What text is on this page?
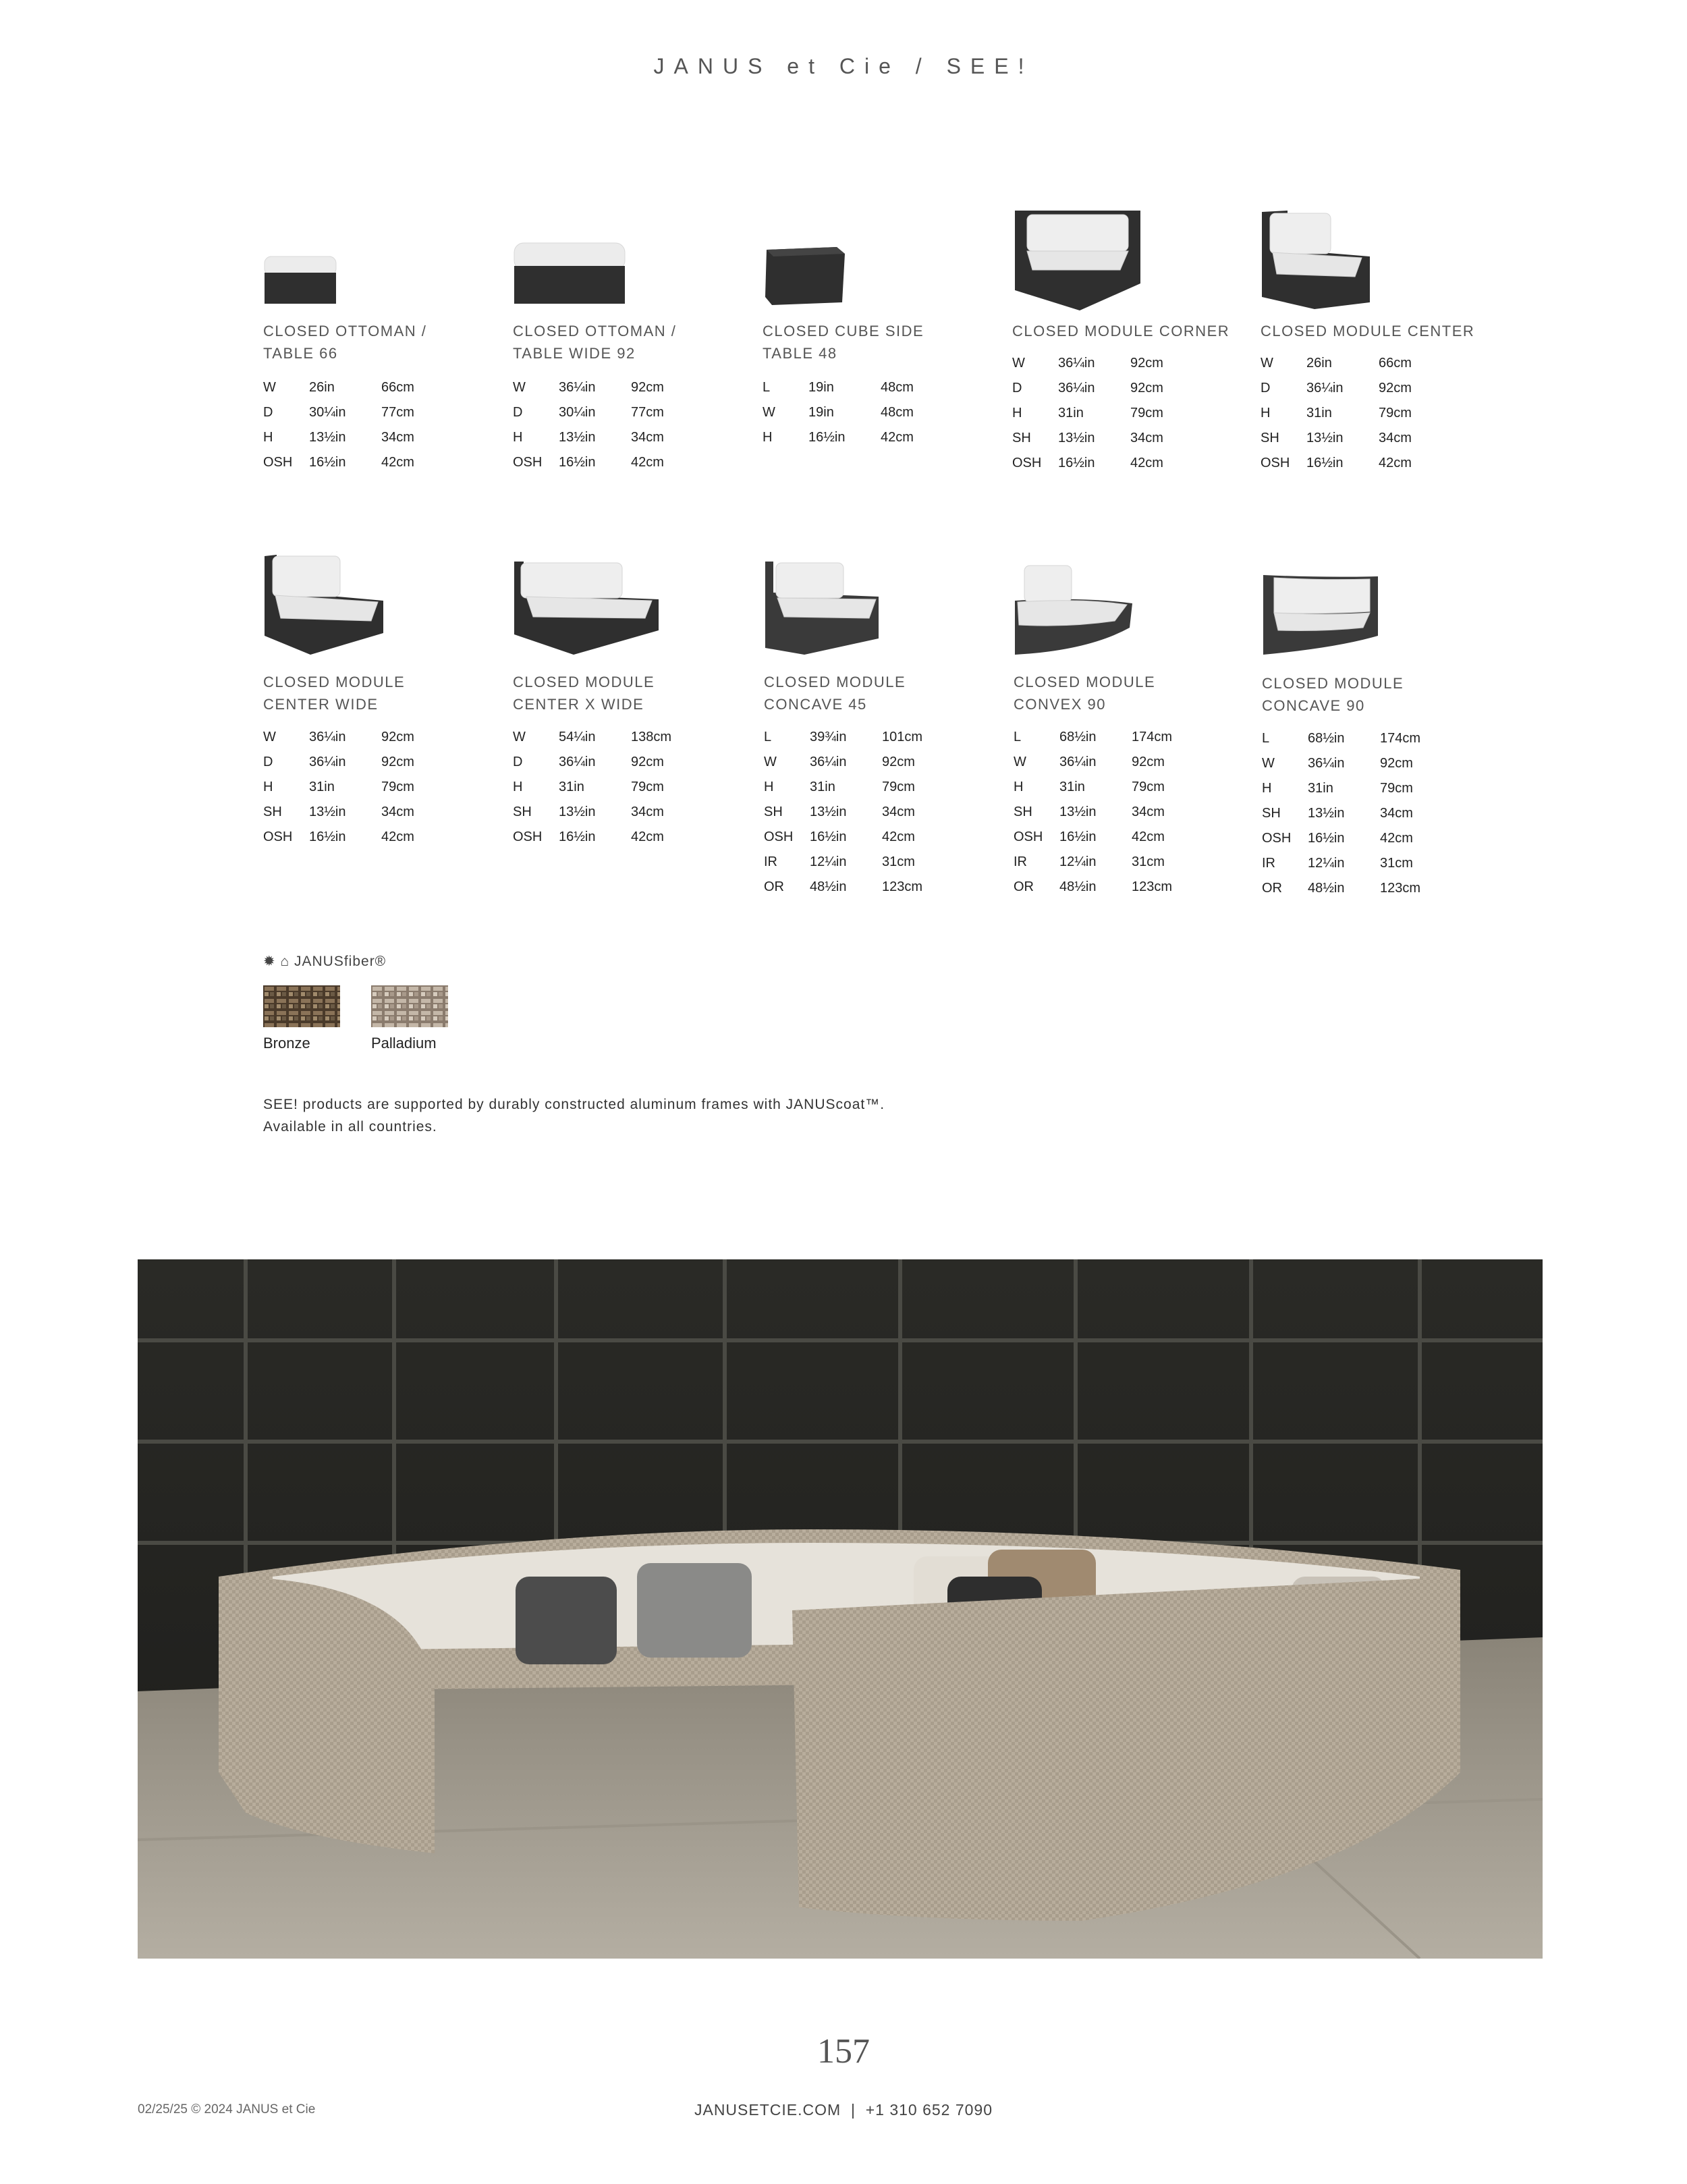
JANUS et Cie / SEE!
CLOSED OTTOMAN /
TABLE 66
W 26in	66cm
D	30¼in	77cm
H	13½in	34cm
OSH 16½in	42cm
CLOSED OTTOMAN /
TABLE WIDE 92
W 36¼in	92cm
D	30¼in	77cm
H	13½in	34cm
OSH 16½in	42cm
CLOSED CUBE SIDE
TABLE 48
L	19in	48cm
W 19in	48cm
H	16½in	42cm
CLOSED MODULE CORNER
W 36¼in	92cm
D	36¼in	92cm
H	31in	79cm
SH 13½in	34cm
OSH 16½in	42cm
CLOSED MODULE CENTER
W 26in	66cm
D	36¼in	92cm
H	31in	79cm
SH 13½in	34cm
OSH 16½in	42cm
CLOSED MODULE
CENTER WIDE
W 36¼in	92cm
D	36¼in	92cm
H	31in	79cm
SH 13½in	34cm
OSH 16½in	42cm
CLOSED MODULE
CENTER X WIDE
W 54¼in	138cm
D	36¼in	92cm
H	31in	79cm
SH 13½in	34cm
OSH 16½in	42cm
CLOSED MODULE
CONCAVE 45
L	39¾in	101cm
W 36¼in	92cm
H	31in	79cm
SH 13½in	34cm
OSH 16½in	42cm
IR 12¼in	31cm
OR 48½in	123cm
CLOSED MODULE
CONVEX 90
L	68½in	174cm
W 36¼in	92cm
H	31in	79cm
SH 13½in	34cm
OSH 16½in	42cm
IR 12¼in	31cm
OR 48½in	123cm
CLOSED MODULE
CONCAVE 90
L	68½in	174cm
W 36¼in	92cm
H	31in	79cm
SH 13½in	34cm
OSH 16½in	42cm
IR 12¼in	31cm
OR 48½in	123cm
✹ ⌂ JANUSfiber®
Bronze	Palladium
SEE! products are supported by durably constructed aluminum frames with JANUScoat™.
Available in all countries.
157
02/25/25 © 2024 JANUS et Cie	JANUSETCIE.COM  |  +1 310 652 7090
